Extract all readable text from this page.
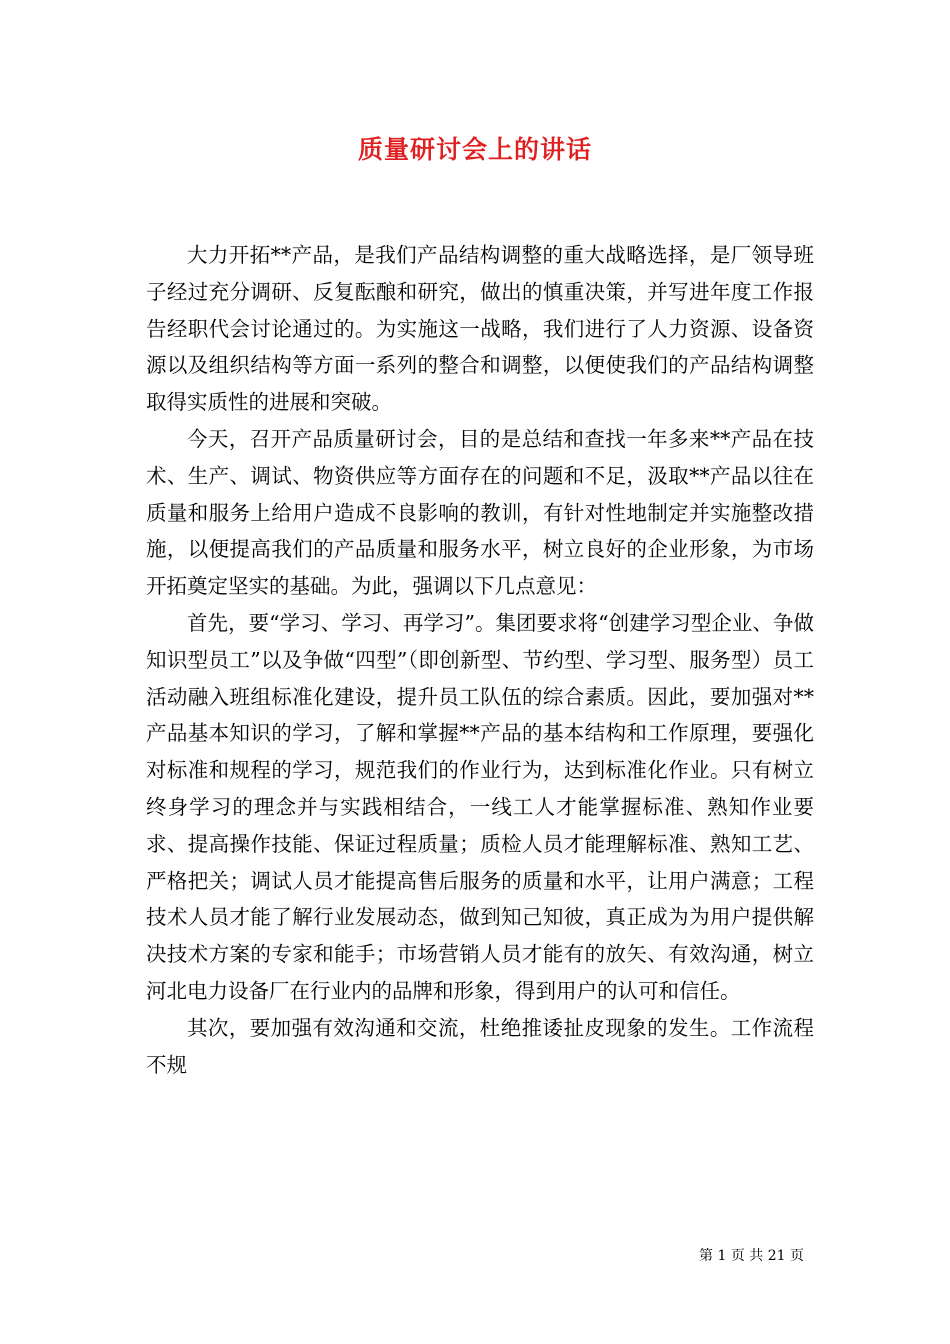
质量研讨会上的讲话

大力开拓**产品，是我们产品结构调整的重大战略选择，是厂领导班子经过充分调研、反复酝酿和研究，做出的慎重决策，并写进年度工作报告经职代会讨论通过的。为实施这一战略，我们进行了人力资源、设备资源以及组织结构等方面一系列的整合和调整，以便使我们的产品结构调整取得实质性的进展和突破。

今天，召开产品质量研讨会，目的是总结和查找一年多来**产品在技术、生产、调试、物资供应等方面存在的问题和不足，汲取**产品以往在质量和服务上给用户造成不良影响的教训，有针对性地制定并实施整改措施，以便提高我们的产品质量和服务水平，树立良好的企业形象，为市场开拓奠定坚实的基础。为此，强调以下几点意见：

首先，要“学习、学习、再学习”。集团要求将“创建学习型企业、争做知识型员工”以及争做“四型”（即创新型、节约型、学习型、服务型）员工活动融入班组标准化建设，提升员工队伍的综合素质。因此，要加强对**产品基本知识的学习，了解和掌握**产品的基本结构和工作原理，要强化对标准和规程的学习，规范我们的作业行为，达到标准化作业。只有树立终身学习的理念并与实践相结合，一线工人才能掌握标准、熟知作业要求、提高操作技能、保证过程质量；质检人员才能理解标准、熟知工艺、严格把关；调试人员才能提高售后服务的质量和水平，让用户满意；工程技术人员才能了解行业发展动态，做到知己知彼，真正成为为用户提供解决技术方案的专家和能手；市场营销人员才能有的放矢、有效沟通，树立河北电力设备厂在行业内的品牌和形象，得到用户的认可和信任。

其次，要加强有效沟通和交流，杜绝推诿扯皮现象的发生。工作流程不规

第 1 页 共 21 页
